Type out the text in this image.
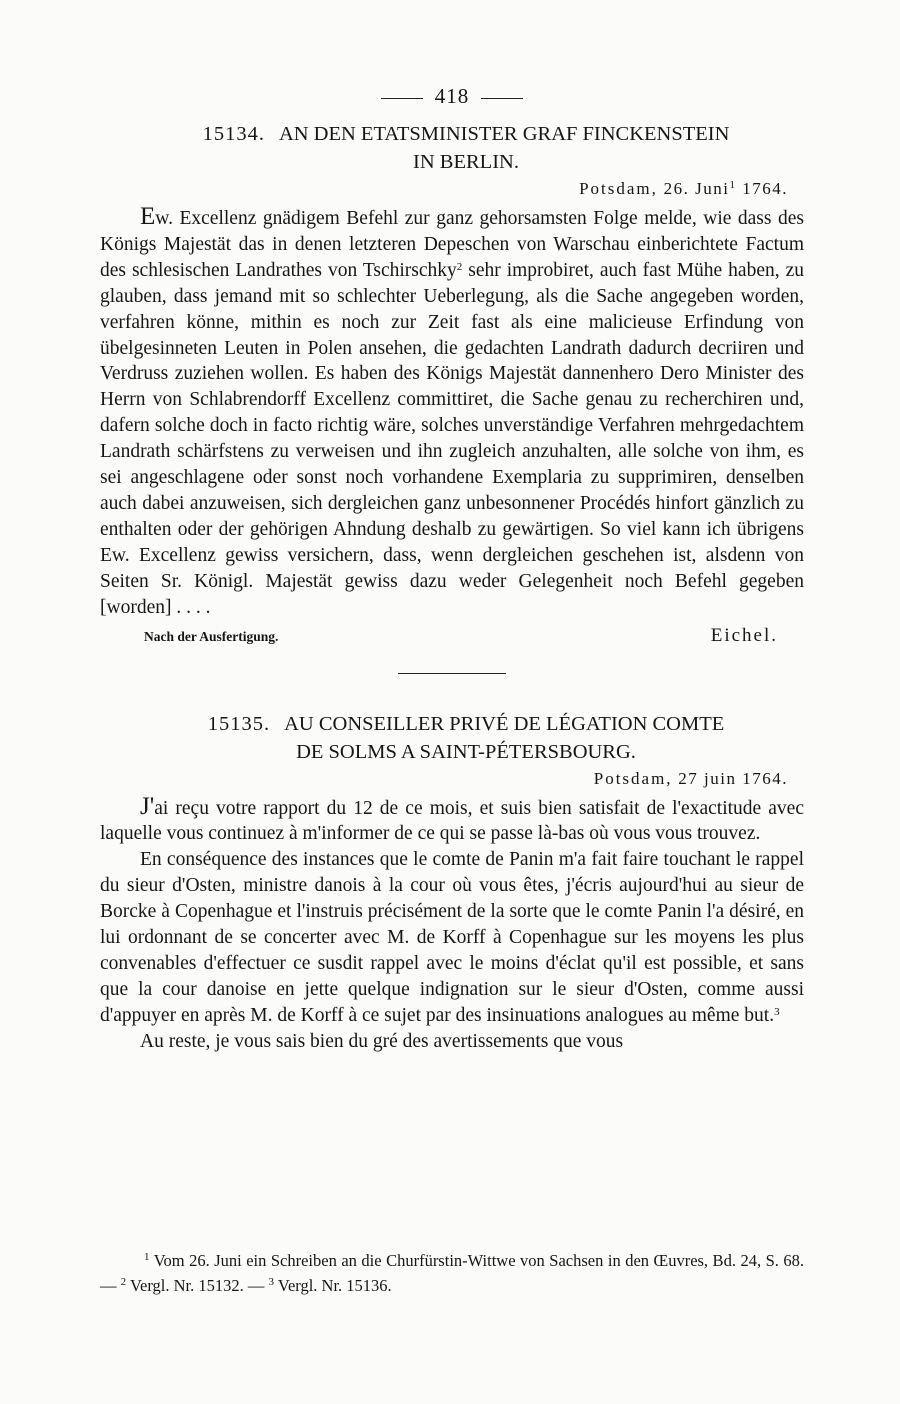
418
15134. AN DEN ETATSMINISTER GRAF FINCKENSTEIN
IN BERLIN.
Potsdam, 26. Juni$^1$ 1764.

Ew. Excellenz gnädigem Befehl zur ganz gehorsamsten Folge melde, wie dass des Königs Majestät das in denen letzteren Depeschen von Warschau einberichtete Factum des schlesischen Landrathes von Tschirschky$^2$ sehr improbiret, auch fast Mühe haben, zu glauben, dass jemand mit so schlechter Ueberlegung, als die Sache angegeben worden, verfahren könne, mithin es noch zur Zeit fast als eine malicieuse Erfindung von übelgesinneten Leuten in Polen ansehen, die gedachten Landrath dadurch decriiren und Verdruss zuziehen wollen. Es haben des Königs Majestät dannenhero Dero Minister des Herrn von Schlabrendorff Excellenz committiret, die Sache genau zu recherchiren und, dafern solche doch in facto richtig wäre, solches unverständige Verfahren mehrgedachtem Landrath schärfstens zu verweisen und ihn zugleich anzuhalten, alle solche von ihm, es sei angeschlagene oder sonst noch vorhandene Exemplaria zu supprimiren, denselben auch dabei anzuweisen, sich dergleichen ganz unbesonnener Procédés hinfort gänzlich zu enthalten oder der gehörigen Ahndung deshalb zu gewärtigen. So viel kann ich übrigens Ew. Excellenz gewiss versichern, dass, wenn dergleichen geschehen ist, alsdenn von Seiten Sr. Königl. Majestät gewiss dazu weder Gelegenheit noch Befehl gegeben [worden] . . . .

Nach der Ausfertigung.	Eichel.
15135. AU CONSEILLER PRIVÉ DE LÉGATION COMTE
DE SOLMS A SAINT-PÉTERSBOURG.
Potsdam, 27 juin 1764.

J'ai reçu votre rapport du 12 de ce mois, et suis bien satisfait de l'exactitude avec laquelle vous continuez à m'informer de ce qui se passe là-bas où vous vous trouvez.

En conséquence des instances que le comte de Panin m'a fait faire touchant le rappel du sieur d'Osten, ministre danois à la cour où vous êtes, j'écris aujourd'hui au sieur de Borcke à Copenhague et l'instruis précisément de la sorte que le comte Panin l'a désiré, en lui ordonnant de se concerter avec M. de Korff à Copenhague sur les moyens les plus convenables d'effectuer ce susdit rappel avec le moins d'éclat qu'il est possible, et sans que la cour danoise en jette quelque indignation sur le sieur d'Osten, comme aussi d'appuyer en après M. de Korff à ce sujet par des insinuations analogues au même but.$^3$

Au reste, je vous sais bien du gré des avertissements que vous

$^1$ Vom 26. Juni ein Schreiben an die Churfürstin-Wittwe von Sachsen in den Œuvres, Bd. 24, S. 68. — $^2$ Vergl. Nr. 15132. — $^3$ Vergl. Nr. 15136.
